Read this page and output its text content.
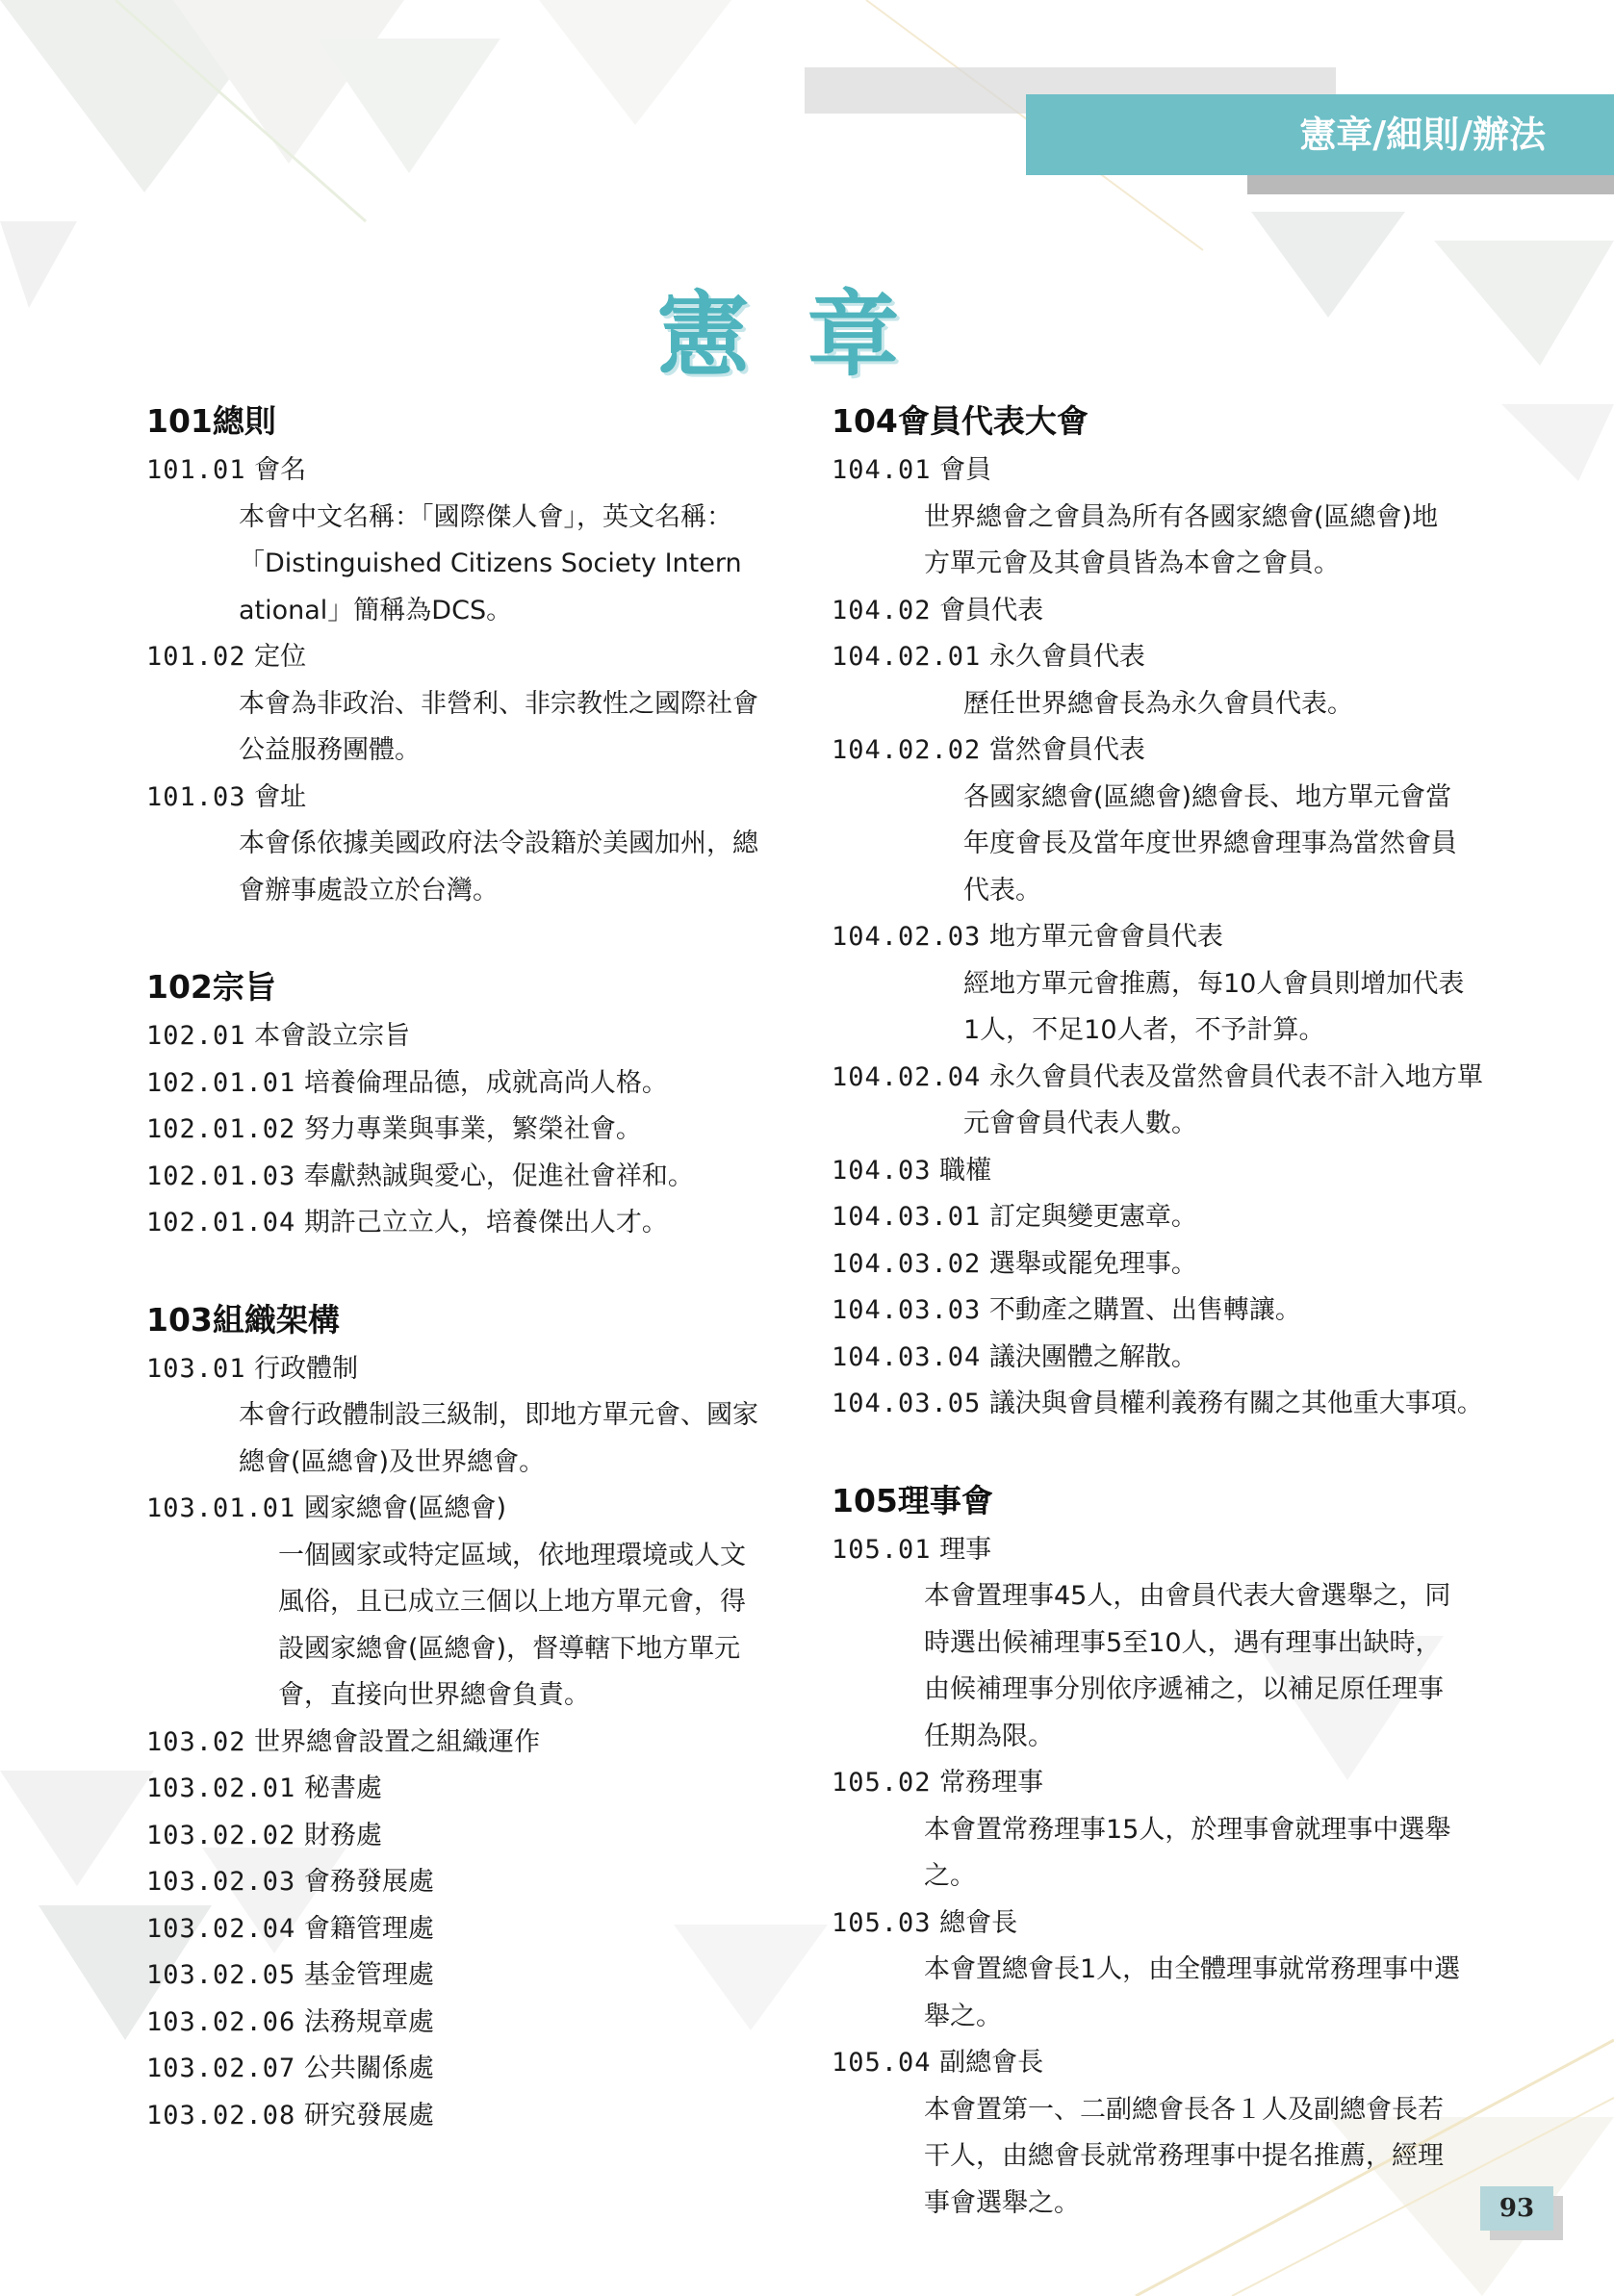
憲章/細則/辦法
憲章
101總則
101.01 會名
本會中文名稱：「國際傑人會」，英文名稱：
「Distinguished Citizens Society Intern
ational」簡稱為DCS。
101.02 定位
本會為非政治、非營利、非宗教性之國際社會
公益服務團體。
101.03 會址
本會係依據美國政府法令設籍於美國加州，總
會辦事處設立於台灣。
102宗旨
102.01 本會設立宗旨
102.01.01 培養倫理品德，成就高尚人格。
102.01.02 努力專業與事業，繁榮社會。
102.01.03 奉獻熱誠與愛心，促進社會祥和。
102.01.04 期許己立立人，培養傑出人才。
103組織架構
103.01 行政體制
本會行政體制設三級制，即地方單元會、國家
總會(區總會)及世界總會。
103.01.01 國家總會(區總會)
一個國家或特定區域，依地理環境或人文
風俗，且已成立三個以上地方單元會，得
設國家總會(區總會)，督導轄下地方單元
會，直接向世界總會負責。
103.02 世界總會設置之組織運作
103.02.01 秘書處
103.02.02 財務處
103.02.03 會務發展處
103.02.04 會籍管理處
103.02.05 基金管理處
103.02.06 法務規章處
103.02.07 公共關係處
103.02.08 研究發展處
104會員代表大會
104.01 會員
世界總會之會員為所有各國家總會(區總會)地
方單元會及其會員皆為本會之會員。
104.02 會員代表
104.02.01 永久會員代表
歷任世界總會長為永久會員代表。
104.02.02 當然會員代表
各國家總會(區總會)總會長、地方單元會當
年度會長及當年度世界總會理事為當然會員
代表。
104.02.03 地方單元會會員代表
經地方單元會推薦，每10人會員則增加代表
1人，不足10人者，不予計算。
104.02.04 永久會員代表及當然會員代表不計入地方單
元會會員代表人數。
104.03 職權
104.03.01 訂定與變更憲章。
104.03.02 選舉或罷免理事。
104.03.03 不動產之購置、出售轉讓。
104.03.04 議決團體之解散。
104.03.05 議決與會員權利義務有關之其他重大事項。
105理事會
105.01 理事
本會置理事45人，由會員代表大會選舉之，同
時選出候補理事5至10人，遇有理事出缺時，
由候補理事分別依序遞補之，以補足原任理事
任期為限。
105.02 常務理事
本會置常務理事15人，於理事會就理事中選舉
之。
105.03 總會長
本會置總會長1人，由全體理事就常務理事中選
舉之。
105.04 副總會長
本會置第一、二副總會長各１人及副總會長若
干人，由總會長就常務理事中提名推薦，經理
事會選舉之。	93
